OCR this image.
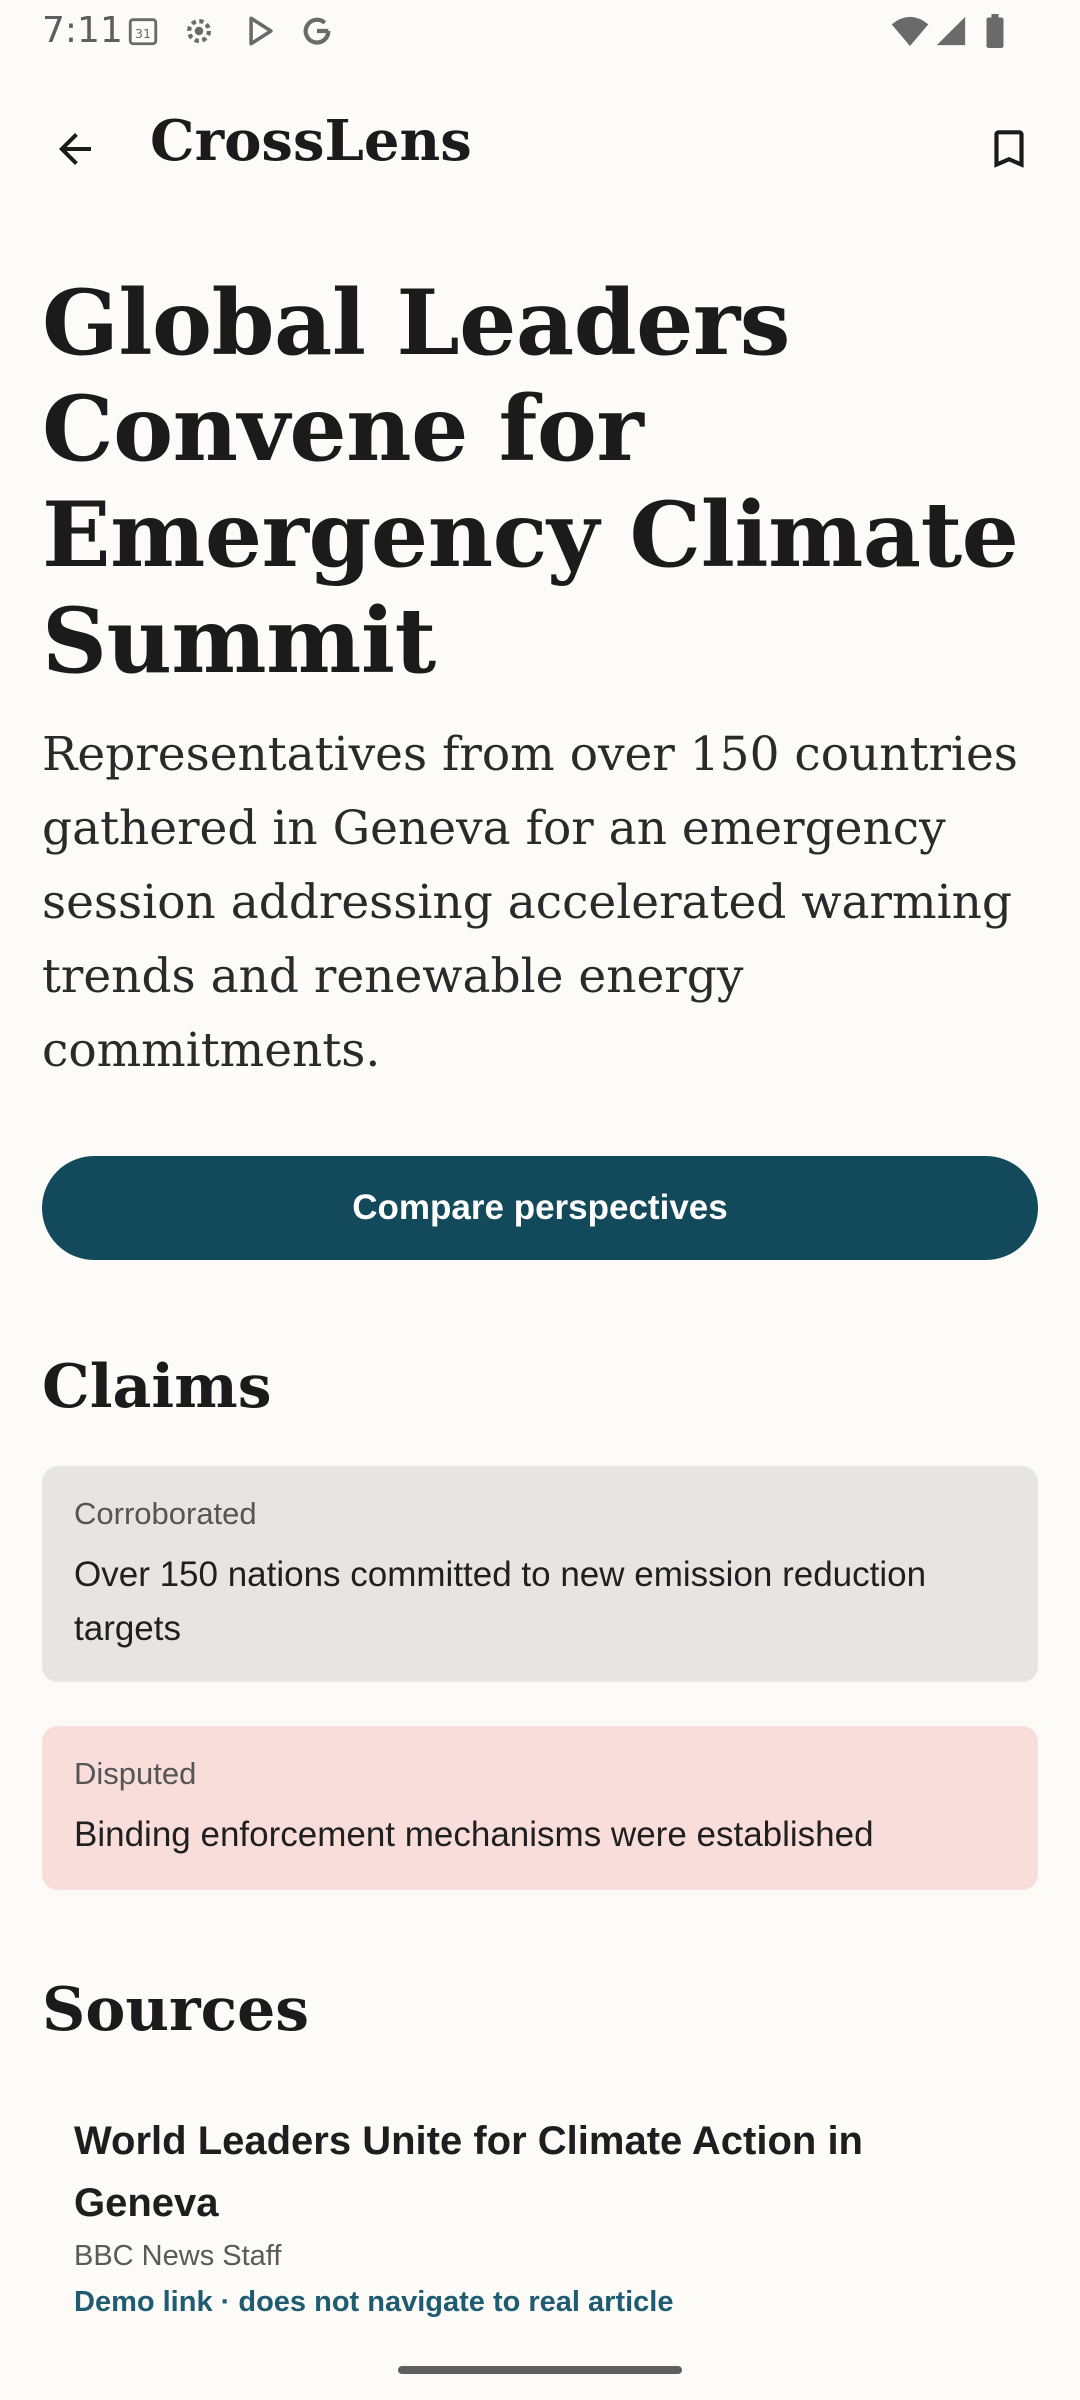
7:11 31
CrossLens
Global Leaders Convene for Emergency Climate Summit
Representatives from over 150 countries gathered in Geneva for an emergency session addressing accelerated warming trends and renewable energy commitments.
Compare perspectives
Claims
Corroborated
Over 150 nations committed to new emission reduction targets
Disputed
Binding enforcement mechanisms were established
Sources
World Leaders Unite for Climate Action in Geneva
BBC News Staff
Demo link · does not navigate to real article
